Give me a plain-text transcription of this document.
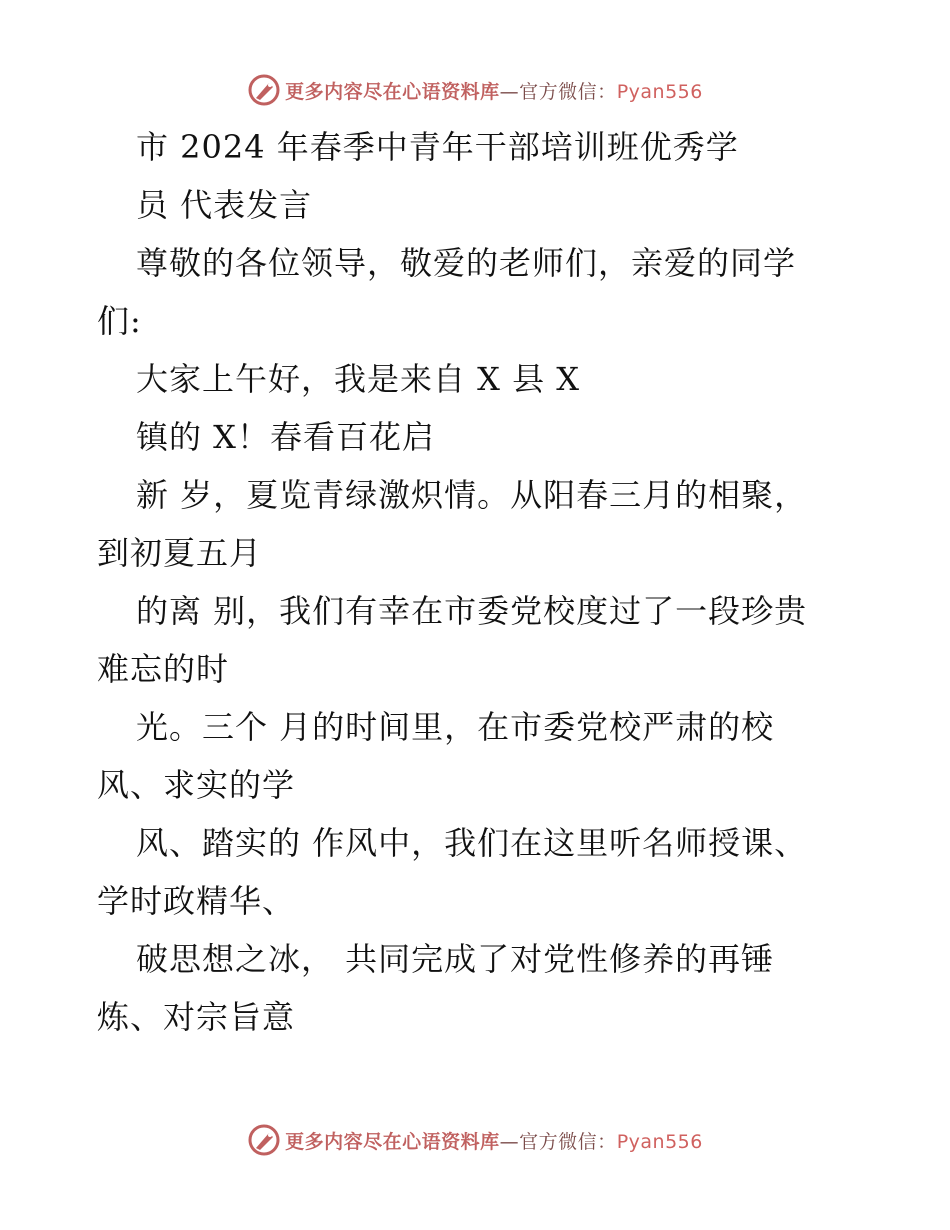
更多内容尽在心语资料库—官方微信：Pyan556
市 2024 年春季中青年干部培训班优秀学
员 代表发言
尊敬的各位领导，敬爱的老师们，亲爱的同学
们:
大家上午好，我是来自 X 县 X
镇的 X！春看百花启
新 岁，夏览青绿激炽情。从阳春三月的相聚，
到初夏五月
的离 别，我们有幸在市委党校度过了一段珍贵
难忘的时
光。三个 月的时间里，在市委党校严肃的校
风、求实的学
风、踏实的 作风中，我们在这里听名师授课、
学时政精华、
破思想之冰， 共同完成了对党性修养的再锤
炼、对宗旨意
更多内容尽在心语资料库—官方微信：Pyan556
